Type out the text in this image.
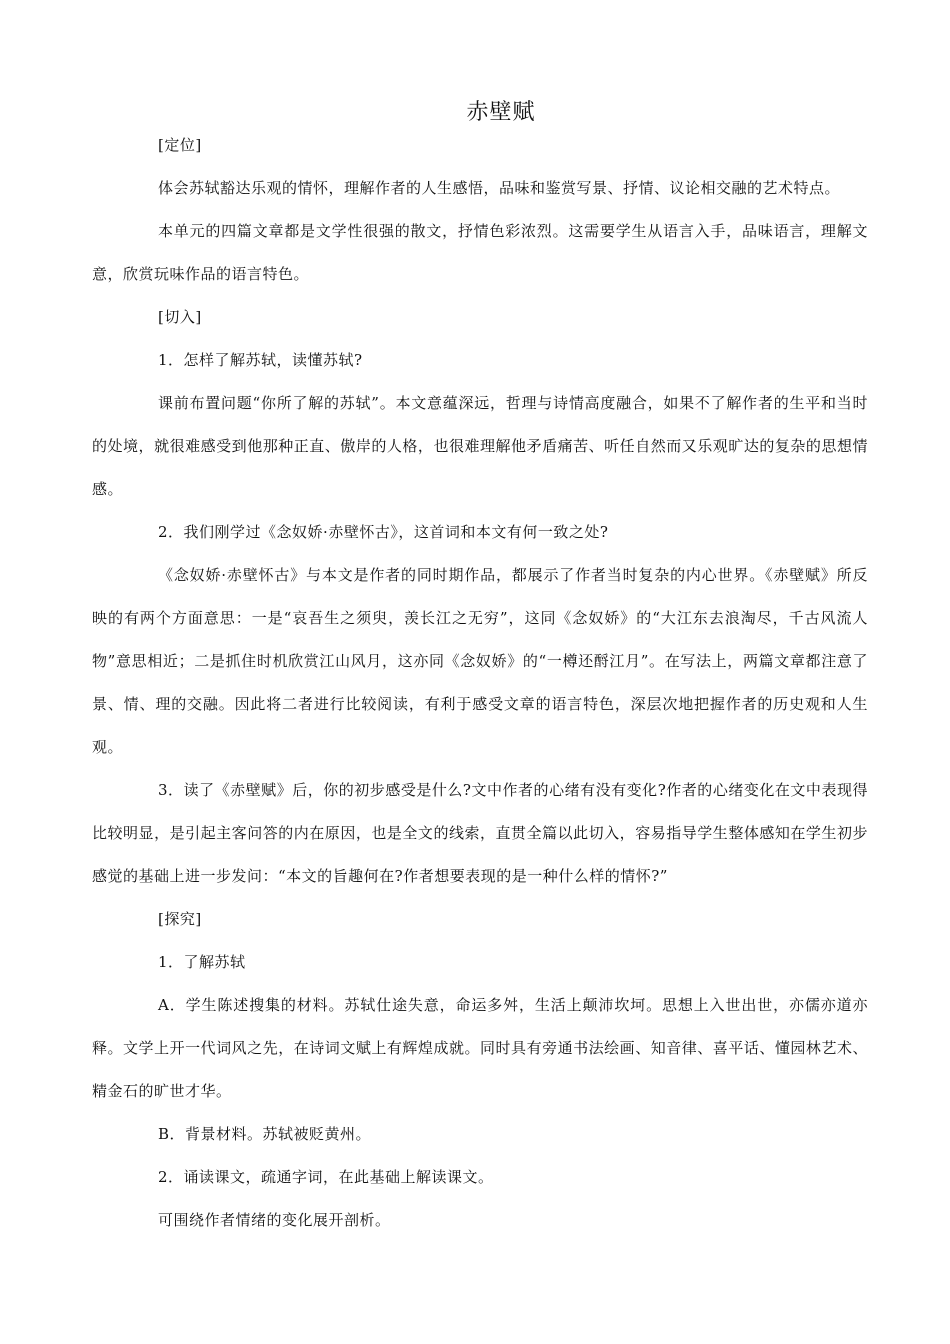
赤壁赋

[定位]

体会苏轼豁达乐观的情怀，理解作者的人生感悟，品味和鉴赏写景、抒情、议论相交融的艺术特点。

本单元的四篇文章都是文学性很强的散文，抒情色彩浓烈。这需要学生从语言入手，品味语言，理解文意，欣赏玩味作品的语言特色。

[切入]

1．怎样了解苏轼，读懂苏轼?

课前布置问题“你所了解的苏轼”。本文意蕴深远，哲理与诗情高度融合，如果不了解作者的生平和当时的处境，就很难感受到他那种正直、傲岸的人格，也很难理解他矛盾痛苦、听任自然而又乐观旷达的复杂的思想情感。

2．我们刚学过《念奴娇·赤壁怀古》，这首词和本文有何一致之处?

《念奴娇·赤壁怀古》与本文是作者的同时期作品，都展示了作者当时复杂的内心世界。《赤壁赋》所反映的有两个方面意思：一是“哀吾生之须臾，羡长江之无穷”，这同《念奴娇》的“大江东去浪淘尽，千古风流人物”意思相近；二是抓住时机欣赏江山风月，这亦同《念奴娇》的“一樽还酹江月”。在写法上，两篇文章都注意了景、情、理的交融。因此将二者进行比较阅读，有利于感受文章的语言特色，深层次地把握作者的历史观和人生观。

3．读了《赤壁赋》后，你的初步感受是什么?文中作者的心绪有没有变化?作者的心绪变化在文中表现得比较明显，是引起主客问答的内在原因，也是全文的线索，直贯全篇以此切入，容易指导学生整体感知在学生初步感觉的基础上进一步发问：“本文的旨趣何在?作者想要表现的是一种什么样的情怀?”

[探究]

1．了解苏轼

A．学生陈述搜集的材料。苏轼仕途失意，命运多舛，生活上颠沛坎坷。思想上入世出世，亦儒亦道亦释。文学上开一代词风之先，在诗词文赋上有辉煌成就。同时具有旁通书法绘画、知音律、喜平话、懂园林艺术、精金石的旷世才华。

B．背景材料。苏轼被贬黄州。

2．诵读课文，疏通字词，在此基础上解读课文。

可围绕作者情绪的变化展开剖析。
